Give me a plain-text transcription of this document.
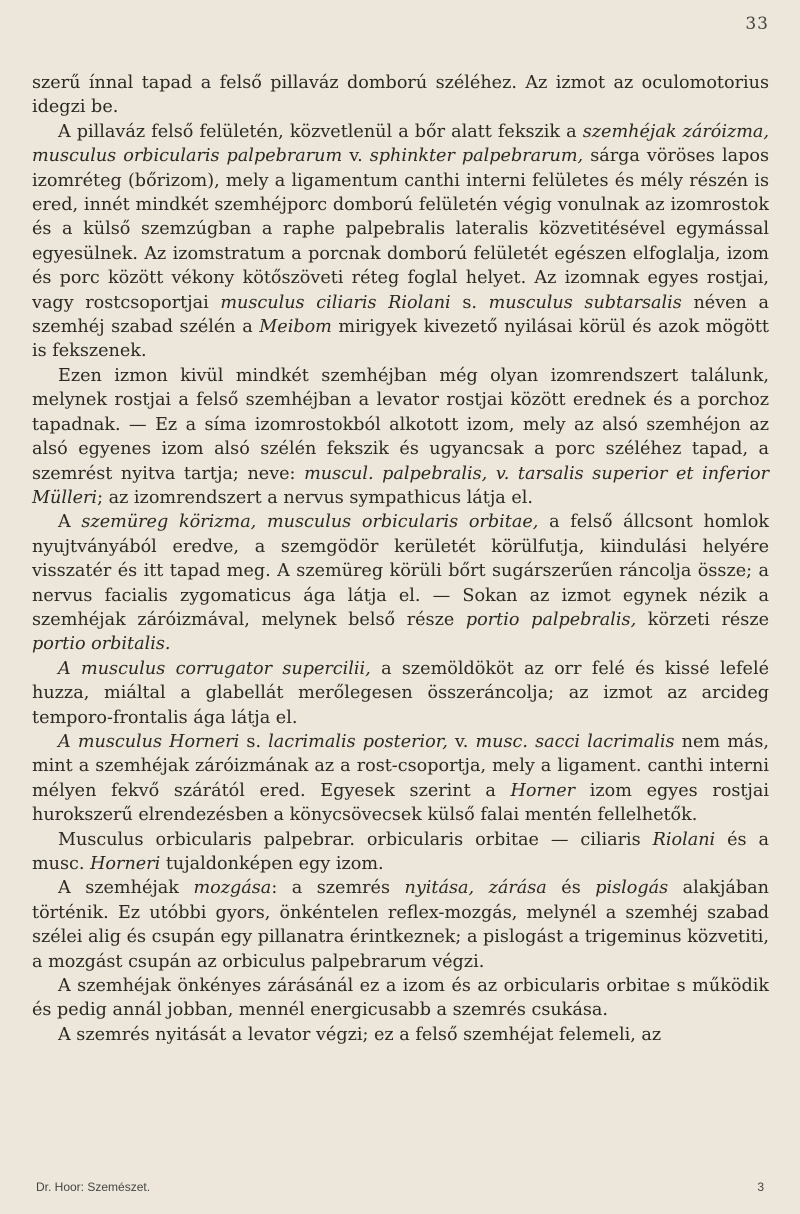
33

szerű ínnal tapad a felső pillaváz domború széléhez. Az izmot az oculomotorius idegzi be.

A pillaváz felső felületén, közvetlenül a bőr alatt fekszik a szemhéjak záróizma, musculus orbicularis palpebrarum v. sphinkter palpebrarum, sárga vöröses lapos izomréteg (bőrizom), mely a ligamentum canthi interni felületes és mély részén is ered, innét mindkét szemhéjporc domború felületén végig vonulnak az izomrostok és a külső szemzúgban a raphe palpebralis lateralis közvetitésével egymással egyesülnek. Az izomstratum a porcnak domború felületét egészen elfoglalja, izom és porc között vékony kötőszöveti réteg foglal helyet. Az izomnak egyes rostjai, vagy rostcsoportjai musculus ciliaris Riolani s. musculus subtarsalis néven a szemhéj szabad szélén a Meibom mirigyek kivezető nyilásai körül és azok mögött is fekszenek.

Ezen izmon kivül mindkét szemhéjban még olyan izomrendszert találunk, melynek rostjai a felső szemhéjban a levator rostjai között erednek és a porchoz tapadnak. — Ez a síma izomrostokból alkotott izom, mely az alsó szemhéjon az alsó egyenes izom alsó szélén fekszik és ugyancsak a porc széléhez tapad, a szemrést nyitva tartja; neve: muscul. palpebralis, v. tarsalis superior et inferior Mülleri; az izomrendszert a nervus sympathicus látja el.

A szemüreg körizma, musculus orbicularis orbitae, a felső állcsont homlok nyujtványából eredve, a szemgödör kerületét körülfutja, kiindulási helyére visszatér és itt tapad meg. A szemüreg körüli bőrt sugárszerűen ráncolja össze; a nervus facialis zygomaticus ága látja el. — Sokan az izmot egynek nézik a szemhéjak záróizmával, melynek belső része portio palpebralis, körzeti része portio orbitalis.

A musculus corrugator supercilii, a szemöldököt az orr felé és kissé lefelé huzza, miáltal a glabellát merőlegesen összeráncolja; az izmot az arcideg temporo-frontalis ága látja el.

A musculus Horneri s. lacrimalis posterior, v. musc. sacci lacrimalis nem más, mint a szemhéjak záróizmának az a rost-csoportja, mely a ligament. canthi interni mélyen fekvő szárától ered. Egyesek szerint a Horner izom egyes rostjai hurokszerű elrendezésben a könycsövecsek külső falai mentén fellelhetők.

Musculus orbicularis palpebrar. orbicularis orbitae — ciliaris Riolani és a musc. Horneri tujaldonképen egy izom.

A szemhéjak mozgása: a szemrés nyitása, zárása és pislogás alakjában történik. Ez utóbbi gyors, önkéntelen reflex-mozgás, melynél a szemhéj szabad szélei alig és csupán egy pillanatra érintkeznek; a pislogást a trigeminus közvetiti, a mozgást csupán az orbiculus palpebrarum végzi.

A szemhéjak önkényes zárásánál ez a izom és az orbicularis orbitae s működik és pedig annál jobban, mennél energicusabb a szemrés csukása.

A szemrés nyitását a levator végzi; ez a felső szemhéjat felemeli, az

Dr. Hoor: Szemészet.	3
